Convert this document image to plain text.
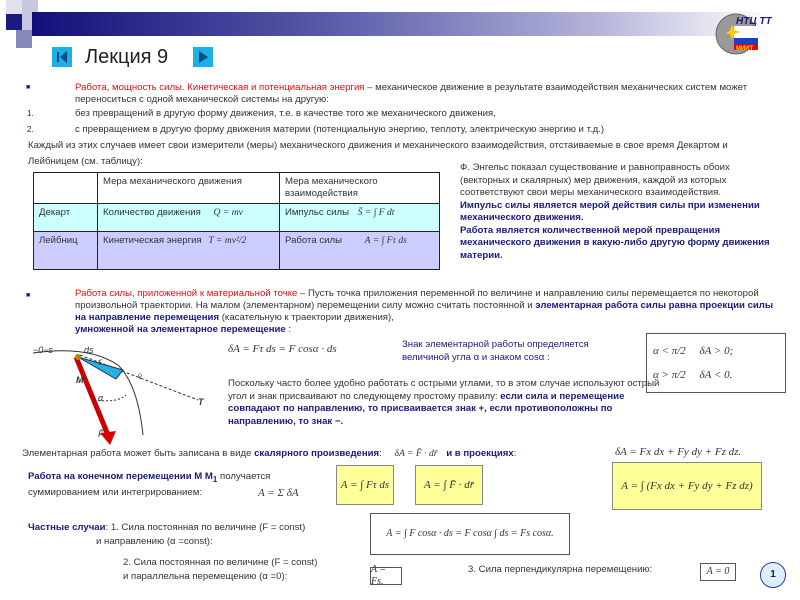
НТЦ ТТ
МИИТ
Лекция 9
■	Работа, мощность силы. Кинетическая и потенциальная энергия – механическое движение в результате взаимодействия механических систем может переноситься с одной механической системы на другую:
1.	без превращений в другую форму движения, т.е. в качестве того же механического движения,
2.	с превращением в другую форму движения материи (потенциальную энергию, теплоту, электрическую энергию и т.д.)
Каждый из этих случаев имеет свои измерители (меры) механического движения и механического взаимодействия, отстаиваемые в свое время Декартом и Лейбницем (см. таблицу):
	Мера механического движения	Мера механического взаимодействия
Декарт	Количество движения Q = mv	Импульс силы S̄ = ∫ F dt
Лейбниц	Кинетическая энергия T = mv²/2	Работа силы A = ∫ Fτ ds
Ф. Энгельс показал существование и равноправность обоих (векторных и скалярных) мер движения, каждой из которых соответствуют свои меры механического взаимодействия.
Импульс силы является мерой действия силы при изменении механического движения.
Работа является количественной мерой превращения механического движения в какую-либо другую форму движения материи.
■	Работа силы, приложенной к материальной точке – Пусть точка приложения переменной по величине и направлению силы перемещается по некоторой произвольной траектории. На малом (элементарном) перемещении силу можно считать постоянной и элементарная работа силы равна проекции силы на направление перемещения (касательную к траектории движения),
умноженной на элементарное перемещение :
−0−s	ds
M
τ̄
v̄
α	T
F̄
δA = Fτ ds = F cosα · ds	Знак элементарной работы определяется величиной угла α и знаком cosα :
α < π/2     δA > 0;
α > π/2     δA < 0.
Поскольку часто более удобно работать с острыми углами, то в этом случае используют острый угол и знак присваивают по следующему простому правилу: если сила и перемещение совпадают по направлению, то присваивается знак +, если противоположны по направлению, то знак −.
Элементарная работа может быть записана в виде скалярного произведения: δA = F̄ · dr̄ и в проекциях:	δA = Fx dx + Fy dy + Fz dz.
Работа на конечном перемещении M $M_1$ получается суммированием или интегрированием:	A = Σ δA
A = ∫ Fτ ds	A = ∫ F̄ · dr̄	A = ∫ (Fx dx + Fy dy + Fz dz)
Частные случаи: 1. Сила постоянная по величине (F = const)
и направлению (α =const):
A = ∫ F cosα · ds = F cosα ∫ ds = Fs cosα.
2. Сила постоянная по величине (F = const)
и параллельна перемещению (α =0):
A = Fs.
3. Сила перпендикулярна перемещению:	A = 0	1
